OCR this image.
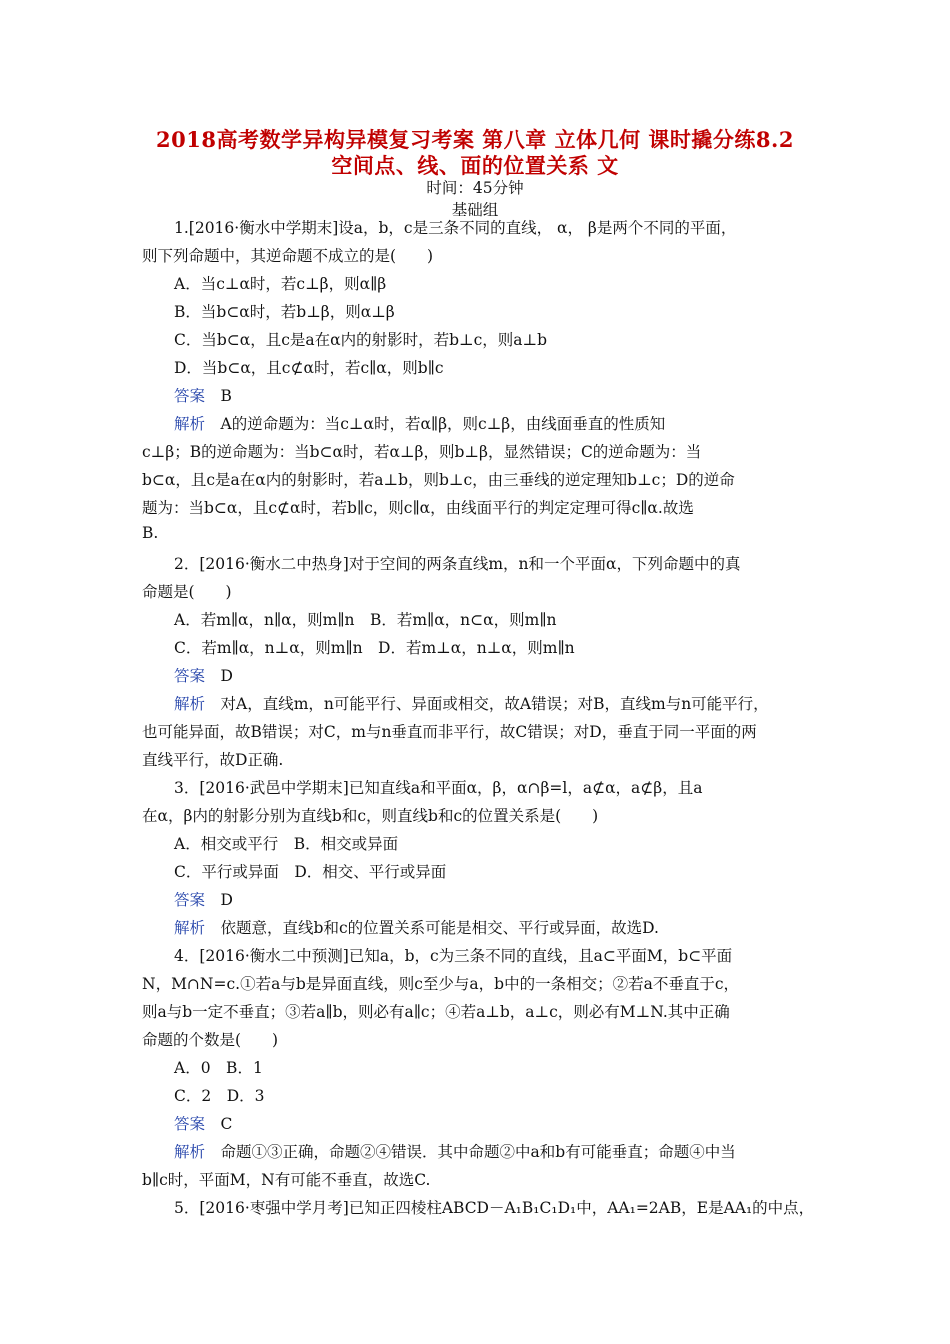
2018高考数学异构异模复习考案 第八章 立体几何 课时撬分练8.2
空间点、线、面的位置关系 文
时间：45分钟
基础组
1.[2016·衡水中学期末]设a，b，c是三条不同的直线， α， β是两个不同的平面，
则下列命题中，其逆命题不成立的是(　　)
A．当c⊥α时，若c⊥β，则α∥β
B．当b⊂α时，若b⊥β，则α⊥β
C．当b⊂α，且c是a在α内的射影时，若b⊥c，则a⊥b
D．当b⊂α，且c⊄α时，若c∥α，则b∥c
答案　 B
解析　 A的逆命题为：当c⊥α时，若α∥β，则c⊥β，由线面垂直的性质知
c⊥β；B的逆命题为：当b⊂α时，若α⊥β，则b⊥β，显然错误；C的逆命题为：当
b⊂α，且c是a在α内的射影时，若a⊥b，则b⊥c，由三垂线的逆定理知b⊥c；D的逆命
题为：当b⊂α，且c⊄α时，若b∥c，则c∥α，由线面平行的判定定理可得c∥α.故选
B.
2．[2016·衡水二中热身]对于空间的两条直线m，n和一个平面α，下列命题中的真
命题是(　　)
A．若m∥α，n∥α，则m∥n　B．若m∥α，n⊂α，则m∥n
C．若m∥α，n⊥α，则m∥n　D．若m⊥α，n⊥α，则m∥n
答案　 D
解析　 对A，直线m，n可能平行、异面或相交，故A错误；对B，直线m与n可能平行，
也可能异面，故B错误；对C，m与n垂直而非平行，故C错误；对D，垂直于同一平面的两
直线平行，故D正确.
3．[2016·武邑中学期末]已知直线a和平面α，β，α∩β=l，a⊄α，a⊄β，且a
在α，β内的射影分别为直线b和c，则直线b和c的位置关系是(　　)
A．相交或平行　B．相交或异面
C．平行或异面　D．相交、平行或异面
答案　 D
解析　 依题意，直线b和c的位置关系可能是相交、平行或异面，故选D.
4．[2016·衡水二中预测]已知a，b，c为三条不同的直线，且a⊂平面M，b⊂平面
N，M∩N=c.①若a与b是异面直线，则c至少与a，b中的一条相交；②若a不垂直于c，
则a与b一定不垂直；③若a∥b，则必有a∥c；④若a⊥b，a⊥c，则必有M⊥N.其中正确
命题的个数是(　　)
A．0　B．1
C．2　D．3
答案　 C
解析　 命题①③正确，命题②④错误．其中命题②中a和b有可能垂直；命题④中当
b∥c时，平面M，N有可能不垂直，故选C.
5．[2016·枣强中学月考]已知正四棱柱ABCD－A₁B₁C₁D₁中，AA₁=2AB，E是AA₁的中点，
